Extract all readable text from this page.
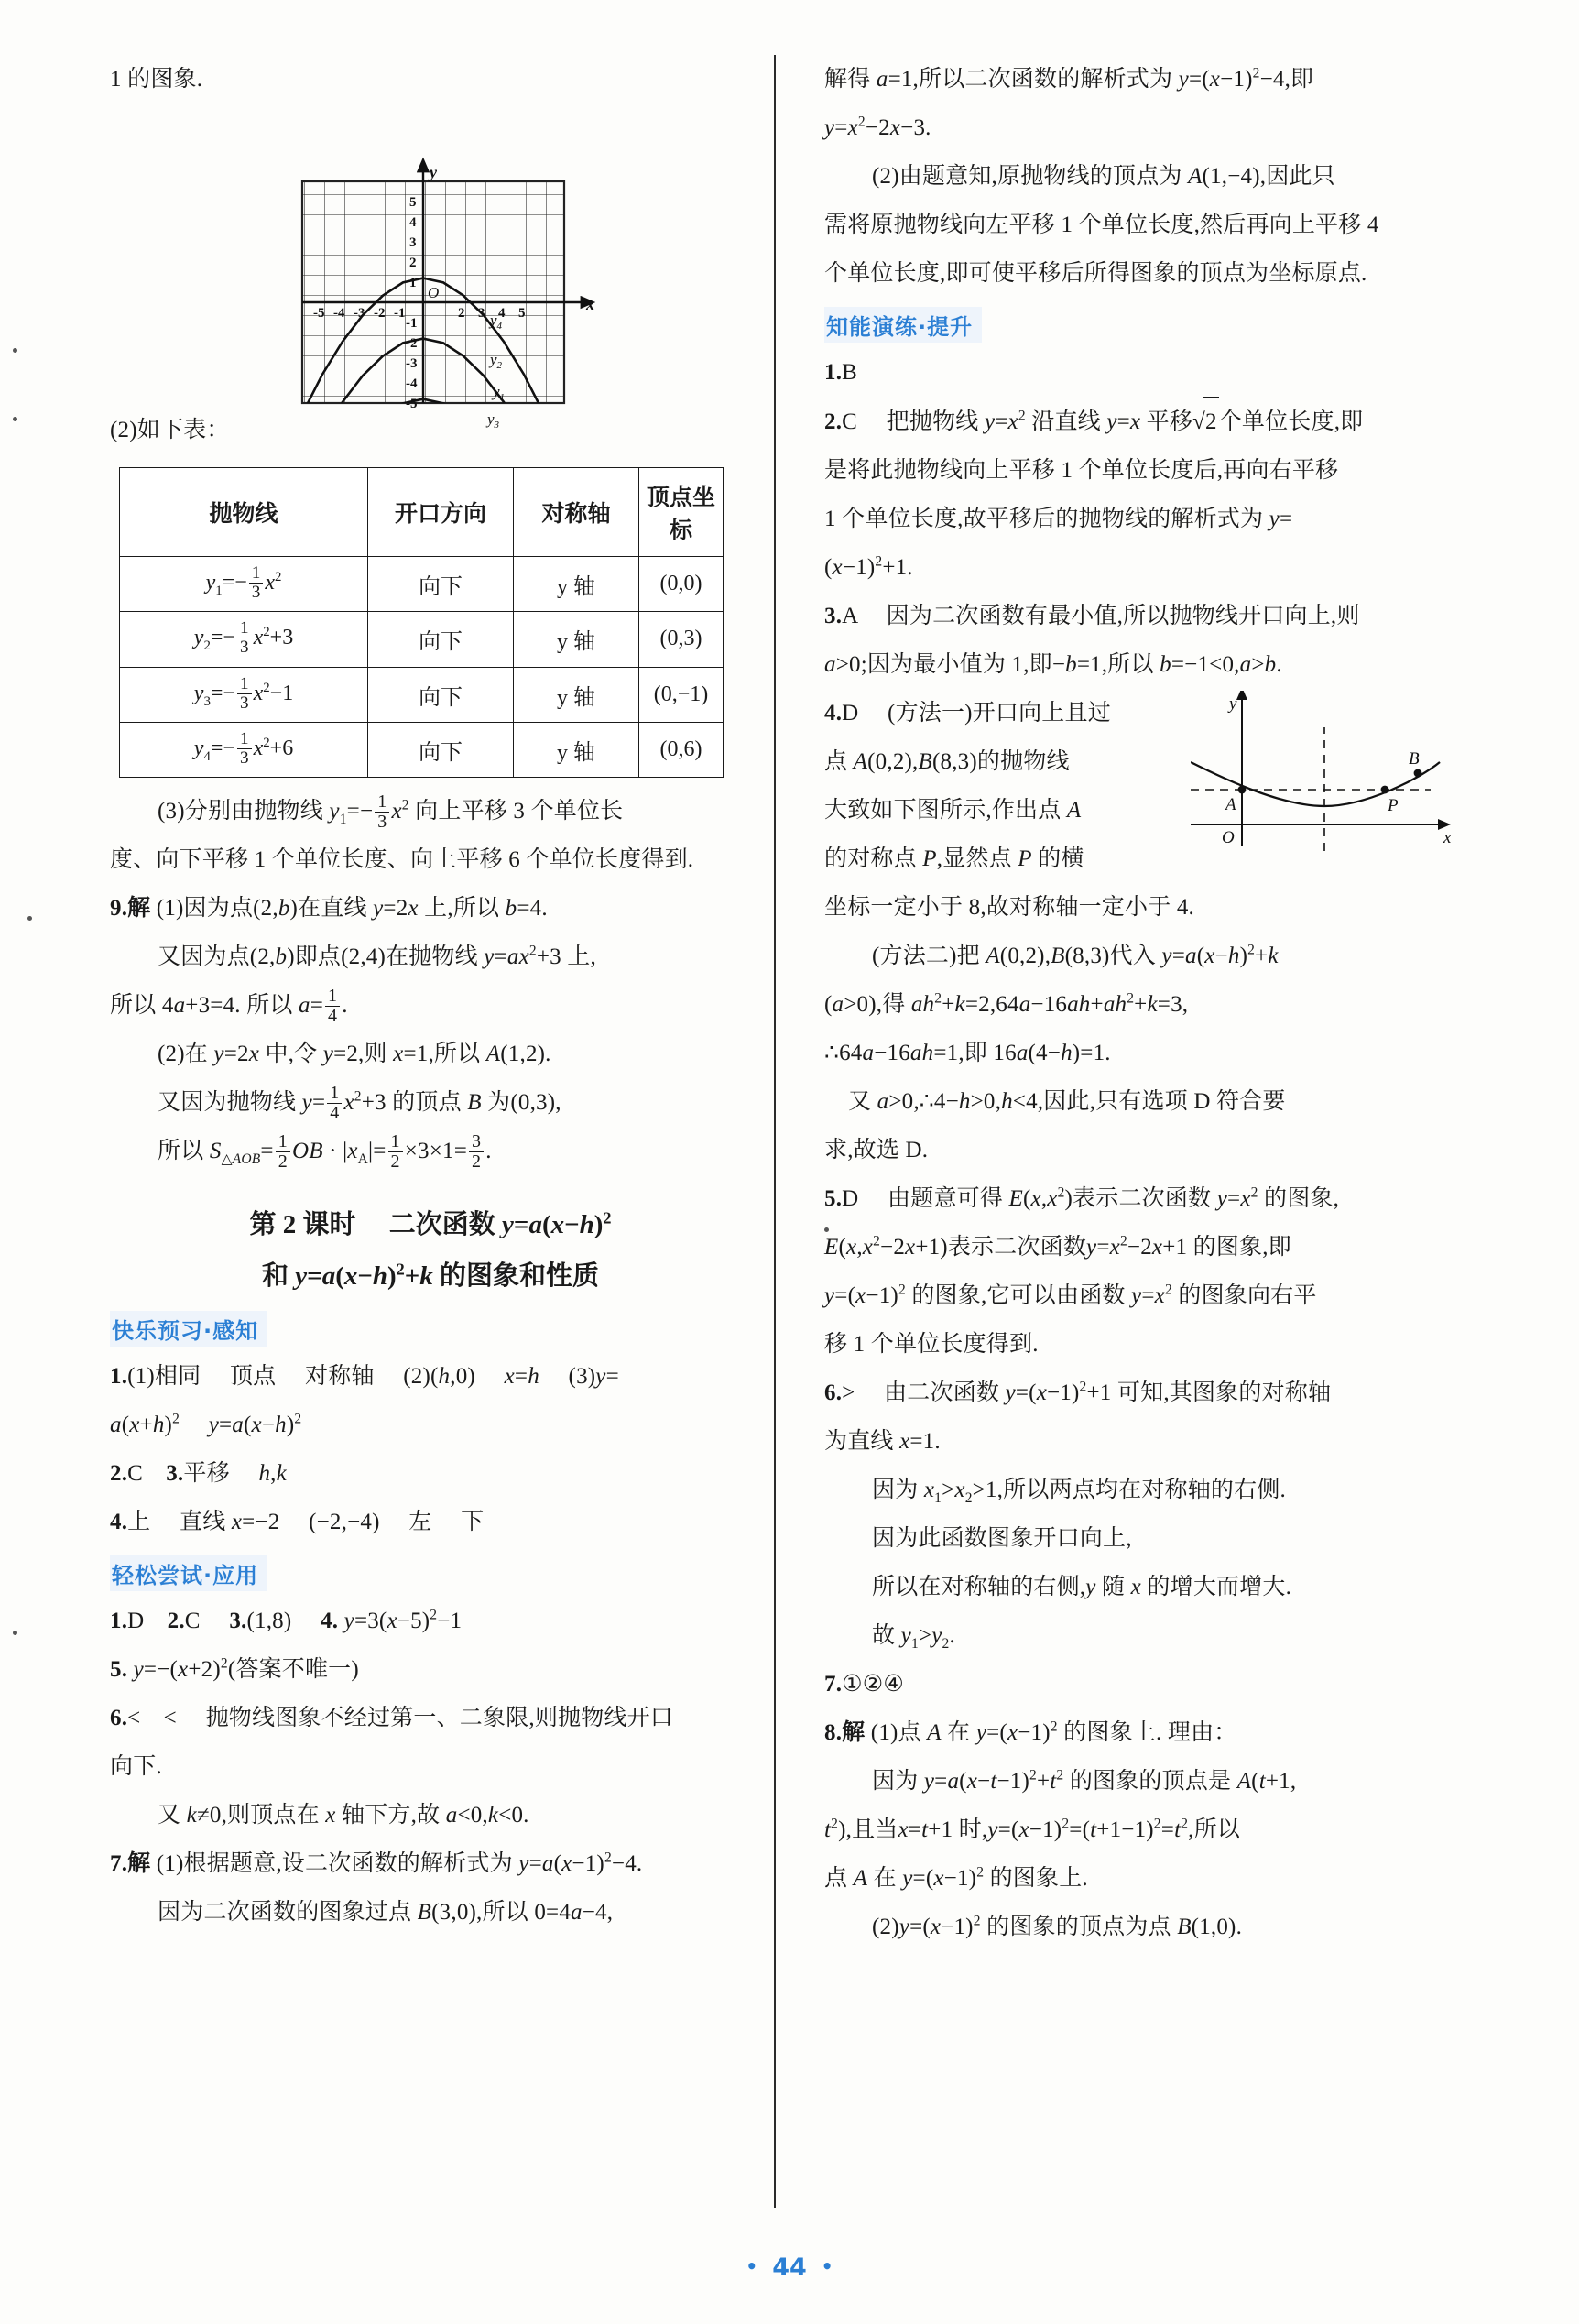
1 的图象.
5
4
3
2
1
-1
-2
-3
-4
-5
-5 -4 -3 -2 -1	2 3 4 5
y
x
O
$y_4$
$y_2$
$y_1$
$y_3$
(2)如下表：
抛物线	开口方向	对称轴	顶点坐标
$y_1=- \frac{1}{3} x^2$	向下	y 轴	(0,0)
$y_2=- \frac{1}{3} x^2+3$	向下	y 轴	(0,3)
$y_3=- \frac{1}{3} x^2-1$	向下	y 轴	(0,−1)
$y_4=- \frac{1}{3} x^2+6$	向下	y 轴	(0,6)
(3)分别由抛物线 $y_1=- \frac{1}{3} x^2$ 向上平移 3 个单位长
度、向下平移 1 个单位长度、向上平移 6 个单位长度得到.
9.解 (1)因为点(2,b)在直线 y=2x 上,所以 b=4.
又因为点(2,b)即点(2,4)在抛物线 $y=ax^2+3$ 上,
所以 4a+3=4. 所以 $a= \frac{1}{4}$ .
(2)在 y=2x 中,令 y=2,则 x=1,所以 A(1,2).
又因为抛物线 $y= \frac{1}{4} x^2+3$ 的顶点 B 为(0,3),
所以 $S_{\triangle AOB}= \frac{1}{2}$ OB · $|x_A|= \frac{1}{2} \times 3\times 1= \frac{3}{2}$ .
第 2 课时　 二次函数 $y=a(x-h)^2$
和 $y=a(x-h)^2+k$ 的图象和性质
快乐预习·感知
1.(1)相同　 顶点　 对称轴 　(2)(h,0)　 x=h　 (3)y=
$a(x+h)^2$　 $y=a(x-h)^2$
2.C　3.平移　 h,k
4.上　 直线 x=−2　 (−2,−4)　 左　 下
轻松尝试·应用
1.D　2.C　 3.(1,8)　 4. $y=3(x-5)^2-1$
5. $y=-(x+2)^2$(答案不唯一)
6.<　<　 抛物线图象不经过第一、二象限,则抛物线开口
向下.
又 k≠0,则顶点在 x 轴下方,故 a<0,k<0.
7.解 (1)根据题意,设二次函数的解析式为 $y=a(x-1)^2-4$.
因为二次函数的图象过点 B(3,0),所以 0=4a−4,
解得 a=1,所以二次函数的解析式为 $y=(x-1)^2-4$,即
$y=x^2-2x-3$.
(2)由题意知,原抛物线的顶点为 A(1,−4),因此只
需将原抛物线向左平移 1 个单位长度,然后再向上平移 4
个单位长度,即可使平移后所得图象的顶点为坐标原点.
知能演练·提升
1.B
2.C　 把抛物线 $y=x^2$ 沿直线 y=x 平移√2个单位长度,即
是将此抛物线向上平移 1 个单位长度后,再向右平移
1 个单位长度,故平移后的抛物线的解析式为 y=
$(x-1)^2+1$.
3.A　 因为二次函数有最小值,所以抛物线开口向上,则
a>0;因为最小值为 1,即−b=1,所以 b=−1<0,a>b.
A	P
B
O	x
y
4.D 　(方法一)开口向上且过
点 A(0,2),B(8,3)的抛物线
大致如下图所示,作出点 A
的对称点 P,显然点 P 的横
坐标一定小于 8,故对称轴一定小于 4.
(方法二)把 A(0,2),B(8,3)代入 $y=a(x-h)^2+k$
(a>0),得 $ah^2+k=2,64a-16ah+ah^2+k=3$,
∴64a−16ah=1,即 16a(4−h)=1.
又 a>0,∴4−h>0,h<4,因此,只有选项 D 符合要
求,故选 D.
5.D　 由题意可得 $E(x,x^2)$表示二次函数 $y=x^2$ 的图象,
$E(x,x^2-2x+1)$表示二次函数$y=x^2-2x+1$ 的图象,即
$y=(x-1)^2$ 的图象,它可以由函数 $y=x^2$ 的图象向右平
移 1 个单位长度得到.
6.>　 由二次函数 $y=(x-1)^2+1$ 可知,其图象的对称轴
为直线 x=1.
因为 $x_1>x_2>1$,所以两点均在对称轴的右侧.
因为此函数图象开口向上,
所以在对称轴的右侧,y 随 x 的增大而增大.
故 $y_1>y_2$.
7.①②④
8.解 (1)点 A 在 $y=(x-1)^2$ 的图象上. 理由：
因为 $y=a(x-t-1)^2+t^2$ 的图象的顶点是 A(t+1,
$t^2$),且当x=t+1 时$,y=(x-1)^2=(t+1-1)^2=t^2$,所以
点 A 在 $y=(x-1)^2$ 的图象上.
$(2)y=(x-1)^2$ 的图象的顶点为点 B(1,0).
• 44 •
